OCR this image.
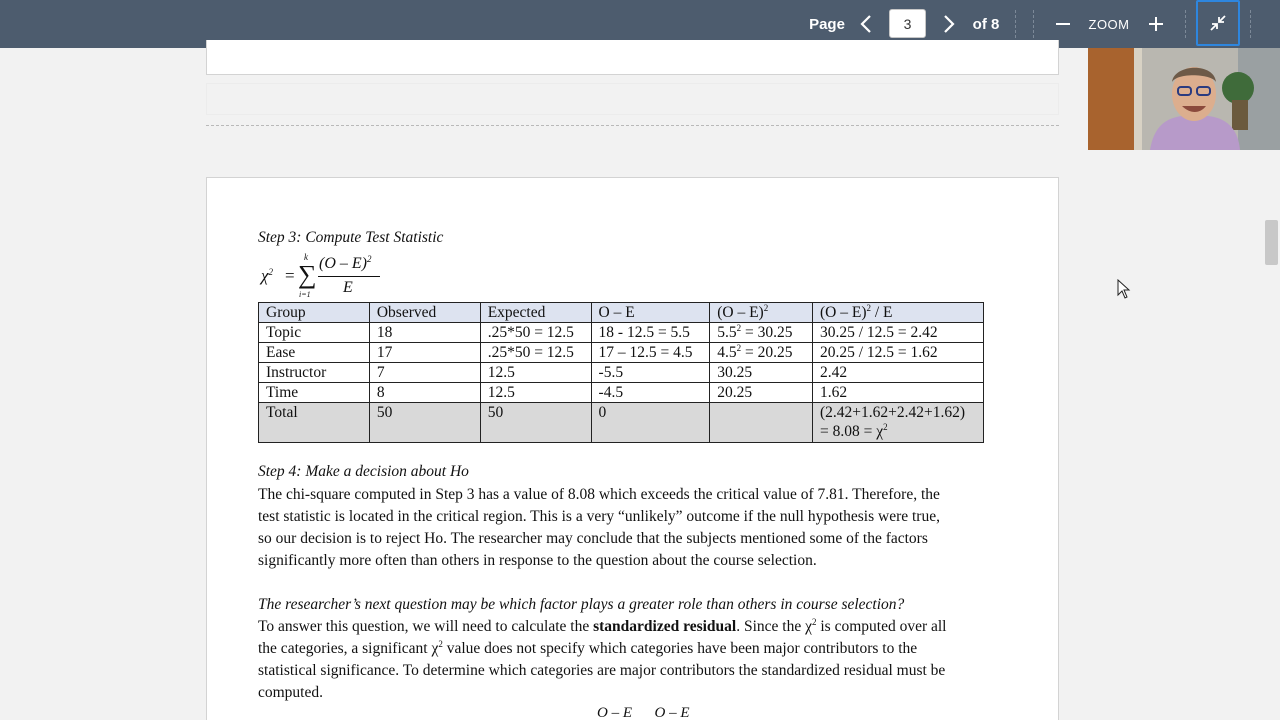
Page
3	of 8	ZOOM
Step 3: Compute Test Statistic
$\chi^2$ =
k
∑
i=1
(O – E)$^2$
E
Group	Observed	Expected	O – E	(O – E)$^2$	(O – E)$^2$ / E
Topic	18	.25*50 = 12.5	18 - 12.5 = 5.5	$5.5^2 = 30.25$	30.25 / 12.5 = 2.42
Ease	17	.25*50 = 12.5	17 – 12.5 = 4.5	$4.5^2 = 20.25$	20.25 / 12.5 = 1.62
Instructor	7	12.5	-5.5	30.25	2.42
Time	8	12.5	-4.5	20.25	1.62
Total	50	50	0		(2.42+1.62+2.42+1.62)
= $8.08 = \chi^2$
Step 4: Make a decision about Ho
The chi-square computed in Step 3 has a value of 8.08 which exceeds the critical value of 7.81. Therefore, the
test statistic is located in the critical region. This is a very “unlikely” outcome if the null hypothesis were true,
so our decision is to reject Ho. The researcher may conclude that the subjects mentioned some of the factors
significantly more often than others in response to the question about the course selection.
The researcher’s next question may be which factor plays a greater role than others in course selection?
To answer this question, we will need to calculate the standardized residual. Since the $\chi^2$ is computed over all
the categories, a significant $\chi^2$ value does not specify which categories have been major contributors to the
statistical significance. To determine which categories are major contributors the standardized residual must be
computed.
O – E      O – E
